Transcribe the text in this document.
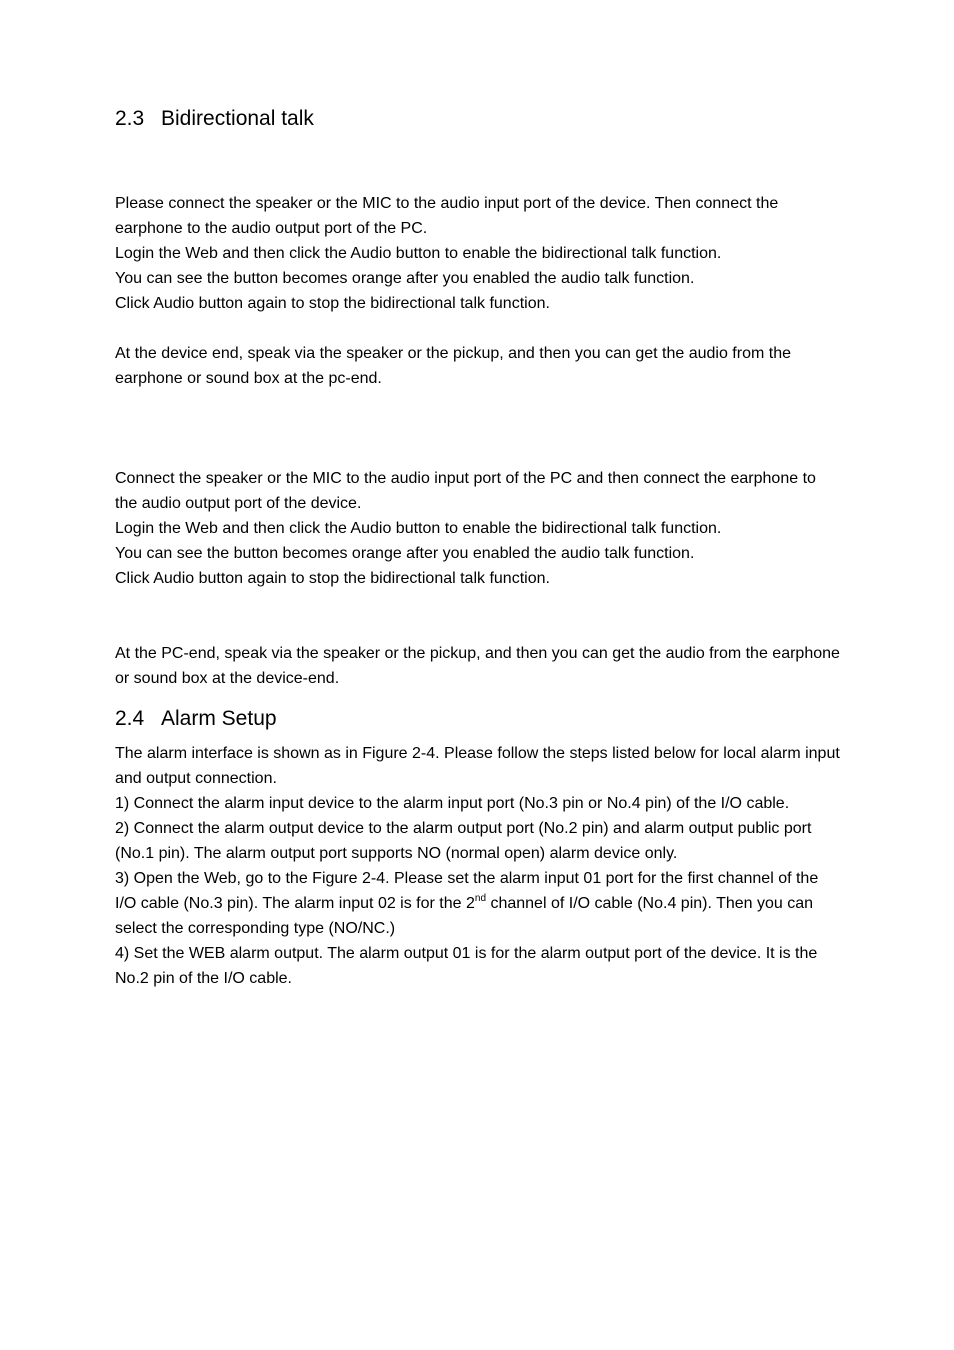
2.3 Bidirectional talk
Please connect the speaker or the MIC to the audio input port of the device. Then connect the
earphone to the audio output port of the PC.
Login the Web and then click the Audio button to enable the bidirectional talk function.
You can see the button becomes orange after you enabled the audio talk function.
Click Audio button again to stop the bidirectional talk function.
At the device end, speak via the speaker or the pickup, and then you can get the audio from the
earphone or sound box at the pc-end.
Connect the speaker or the MIC to the audio input port of the PC and then connect the earphone to
the audio output port of the device.
Login the Web and then click the Audio button to enable the bidirectional talk function.
You can see the button becomes orange after you enabled the audio talk function.
Click Audio button again to stop the bidirectional talk function.
At the PC-end, speak via the speaker or the pickup, and then you can get the audio from the earphone
or sound box at the device-end.
2.4 Alarm Setup
The alarm interface is shown as in Figure 2-4. Please follow the steps listed below for local alarm input
and output connection.
1) Connect the alarm input device to the alarm input port (No.3 pin or No.4 pin) of the I/O cable.
2) Connect the alarm output device to the alarm output port (No.2 pin) and alarm output public port
(No.1 pin). The alarm output port supports NO (normal open) alarm device only.
3) Open the Web, go to the Figure 2-4. Please set the alarm input 01 port for the first channel of the
I/O cable (No.3 pin). The alarm input 02 is for the 2nd channel of I/O cable (No.4 pin). Then you can
select the corresponding type (NO/NC.)
4) Set the WEB alarm output. The alarm output 01 is for the alarm output port of the device. It is the
No.2 pin of the I/O cable.
